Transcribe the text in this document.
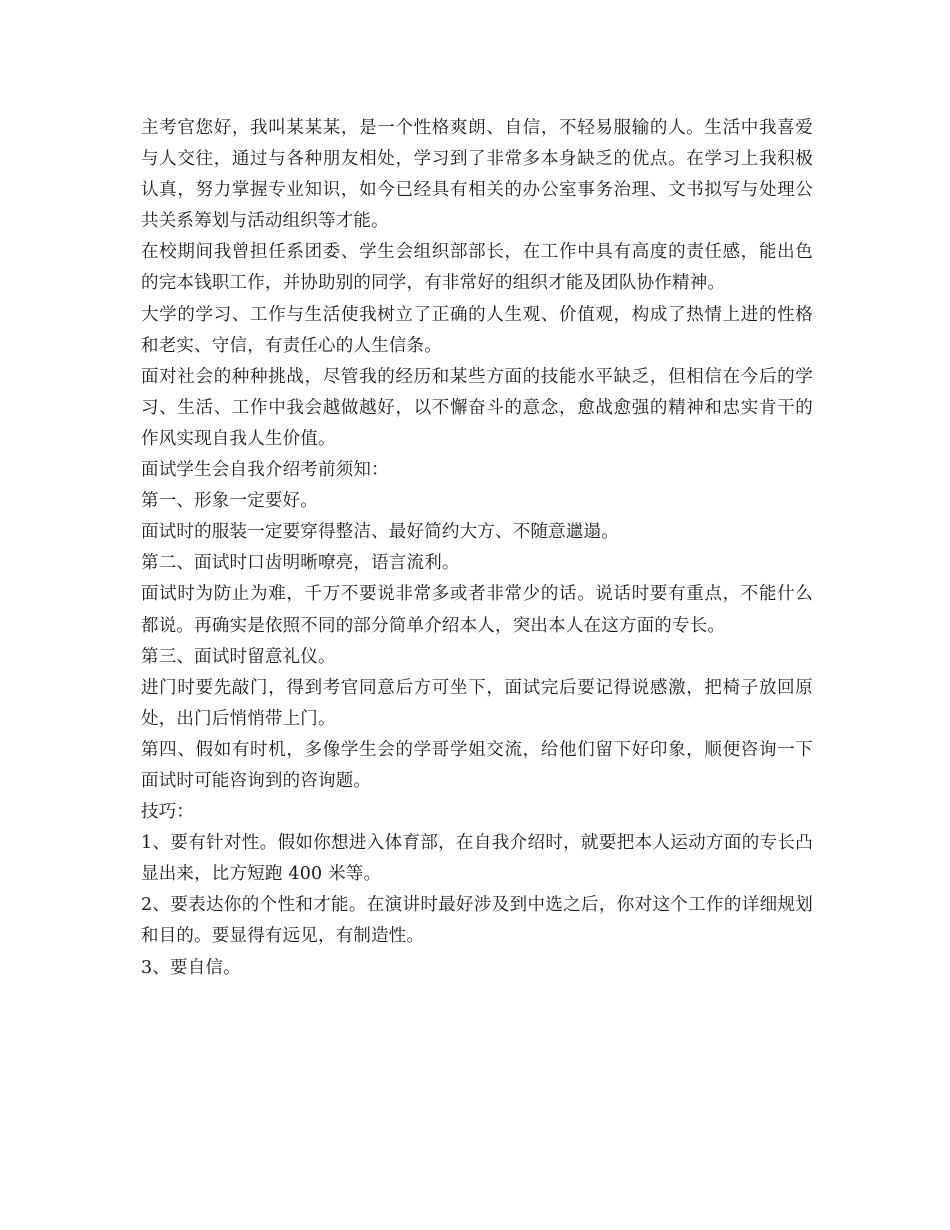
主考官您好，我叫某某某，是一个性格爽朗、自信，不轻易服输的人。生活中我喜爱与人交往，通过与各种朋友相处，学习到了非常多本身缺乏的优点。在学习上我积极认真，努力掌握专业知识，如今已经具有相关的办公室事务治理、文书拟写与处理公共关系筹划与活动组织等才能。

在校期间我曾担任系团委、学生会组织部部长，在工作中具有高度的责任感，能出色的完本钱职工作，并协助别的同学，有非常好的组织才能及团队协作精神。

大学的学习、工作与生活使我树立了正确的人生观、价值观，构成了热情上进的性格和老实、守信，有责任心的人生信条。

面对社会的种种挑战，尽管我的经历和某些方面的技能水平缺乏，但相信在今后的学习、生活、工作中我会越做越好，以不懈奋斗的意念，愈战愈强的精神和忠实肯干的作风实现自我人生价值。

面试学生会自我介绍考前须知：

第一、形象一定要好。

面试时的服装一定要穿得整洁、最好简约大方、不随意邋遢。

第二、面试时口齿明晰嘹亮，语言流利。

面试时为防止为难，千万不要说非常多或者非常少的话。说话时要有重点，不能什么都说。再确实是依照不同的部分简单介绍本人，突出本人在这方面的专长。

第三、面试时留意礼仪。

进门时要先敲门，得到考官同意后方可坐下，面试完后要记得说感激，把椅子放回原处，出门后悄悄带上门。

第四、假如有时机，多像学生会的学哥学姐交流，给他们留下好印象，顺便咨询一下面试时可能咨询到的咨询题。

技巧：

1、要有针对性。假如你想进入体育部，在自我介绍时，就要把本人运动方面的专长凸显出来，比方短跑 400 米等。

2、要表达你的个性和才能。在演讲时最好涉及到中选之后，你对这个工作的详细规划和目的。要显得有远见，有制造性。

3、要自信。
